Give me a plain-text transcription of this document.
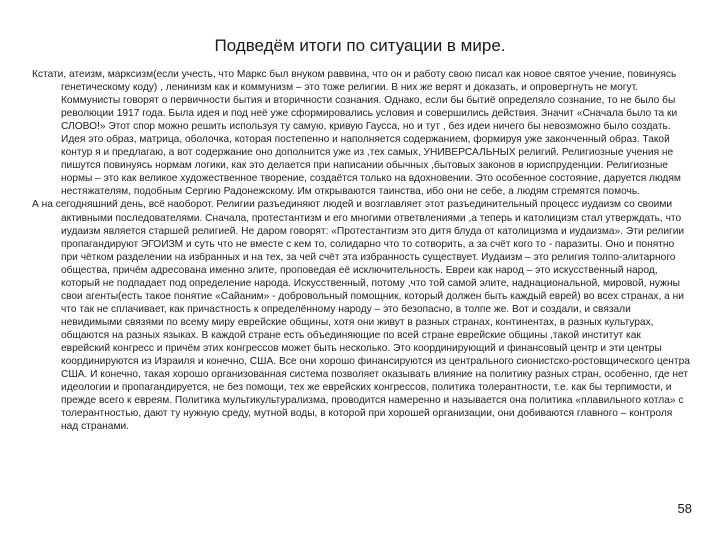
Подведём итоги по ситуации в мире.

Кстати, атеизм, марксизм(если учесть, что Маркс был внуком раввина, что он и работу свою писал как новое святое учение, повинуясь генетическому коду) , ленинизм как и коммунизм – это тоже религии. В них же верят и доказать, и опровергнуть не могут. Коммунисты говорят о первичности бытия и вторичности сознания. Однако, если бы бытиё определяло сознание, то не было бы революции 1917 года. Была идея и под неё уже сформировались условия и совершились действия. Значит «Сначала было та ки СЛОВО!» Этот спор можно решить используя ту самую, кривую Гаусса, но и тут , без идеи ничего бы невозможно было создать. Идея это образ, матрица, оболочка, которая постепенно и наполняется содержанием, формируя уже законченный образ. Такой контур я и предлагаю, а вот содержание оно дополнится уже из ,тех самых, УНИВЕРСАЛЬНЫХ религий. Религиозные учения не пишутся повинуясь нормам логики, как это делается при написании обычных ,бытовых законов в юриспруденции. Религиозные нормы – это как великое художественное творение, создаётся только на вдохновении. Это особенное состояние, даруется людям нестяжателям, подобным Сергию Радонежскому. Им открываются таинства, ибо они не себе, а людям стремятся помочь.

А на сегодняшний день, всё наоборот. Религии разъединяют людей и возглавляет этот разъединительный процесс иудаизм со своими активными последователями. Сначала, протестантизм и его многими ответвлениями ,а теперь и католицизм стал утверждать, что иудаизм является старшей религией. Не даром говорят: «Протестантизм это дитя блуда от католицизма и иудаизма». Эти религии пропагандируют ЭГОИЗМ и суть что не вместе с кем то, солидарно что то сотворить, а за счёт кого то - паразиты. Оно и понятно при чётком разделении на избранных и на тех, за чей счёт эта избранность существует. Иудаизм – это религия толпо-элитарного общества, причём адресована именно элите, проповедая её исключительность. Евреи как народ – это искусственный народ, который не подпадает под определение народа. Искусственный, потому ,что той самой элите, наднациональной, мировой, нужны свои агенты(есть такое понятие «Сайаним» - добровольный помощник, который должен быть каждый еврей) во всех странах, а ни что так не сплачивает, как причастность к определённому народу – это безопасно, в толпе же. Вот и создали, и связали невидимыми связями по всему миру еврейские общины, хотя они живут в разных странах, континентах, в разных культурах, общаются на разных языках. В каждой стране есть объединяющие по всей стране еврейские общины ,такой институт как еврейский конгресс и причём этих конгрессов может быть несколько. Это координирующий и финансовый центр и эти центры координируются из Израиля и конечно, США. Все они хорошо финансируются из центрального сионистско-ростовщического центра США. И конечно, такая хорошо организованная система позволяет оказывать влияние на политику разных стран, особенно, где нет идеологии и пропагандируется, не без помощи, тех же еврейских конгрессов, политика толерантности, т.е. как бы терпимости, и прежде всего к евреям. Политика мультикультурализма, проводится намеренно и называется она политика «плавильного котла» с толерантностью, дают ту нужную среду, мутной воды, в которой при хорошей организации, они добиваются главного – контроля над странами.

58
